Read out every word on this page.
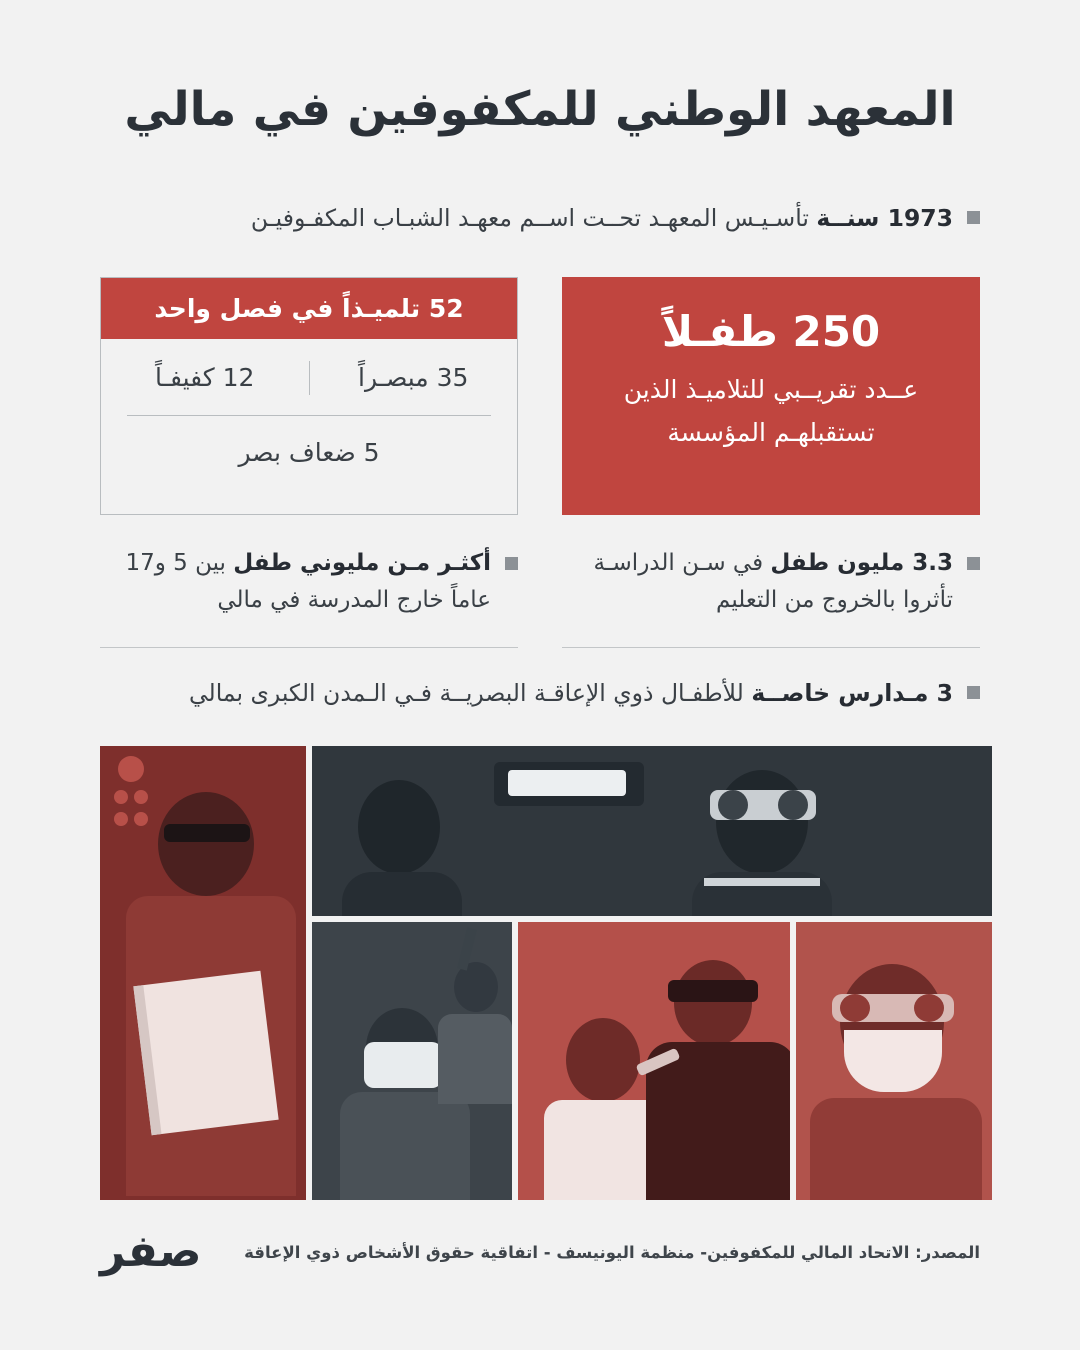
المعهد الوطني للمكفوفين في مالي
1973 سنــة تأسـيـس المعهـد تحــت اســم معهـد الشبـاب المكفـوفيـن
250 طفـلاً
عــدد تقريــبي للتلاميـذ الذين تستقبلهـم المؤسسة
3.3 مليون طفل في سـن الدراسـة تأثروا بالخروج من التعليم
52 تلميـذاً في فصل واحد
35 مبصـراً
12 كفيفـاً
5 ضعاف بصر
أكثـر مـن مليوني طفل بين 5 و17 عاماً خارج المدرسة في مالي
3 مـدارس خاصــة للأطفـال ذوي الإعاقـة البصريــة فـي الـمدن الكبرى بمالي
المصدر: الاتحاد المالي للمكفوفين- منظمة اليونيسف - اتفاقية حقوق الأشخاص ذوي الإعاقة
صفر
